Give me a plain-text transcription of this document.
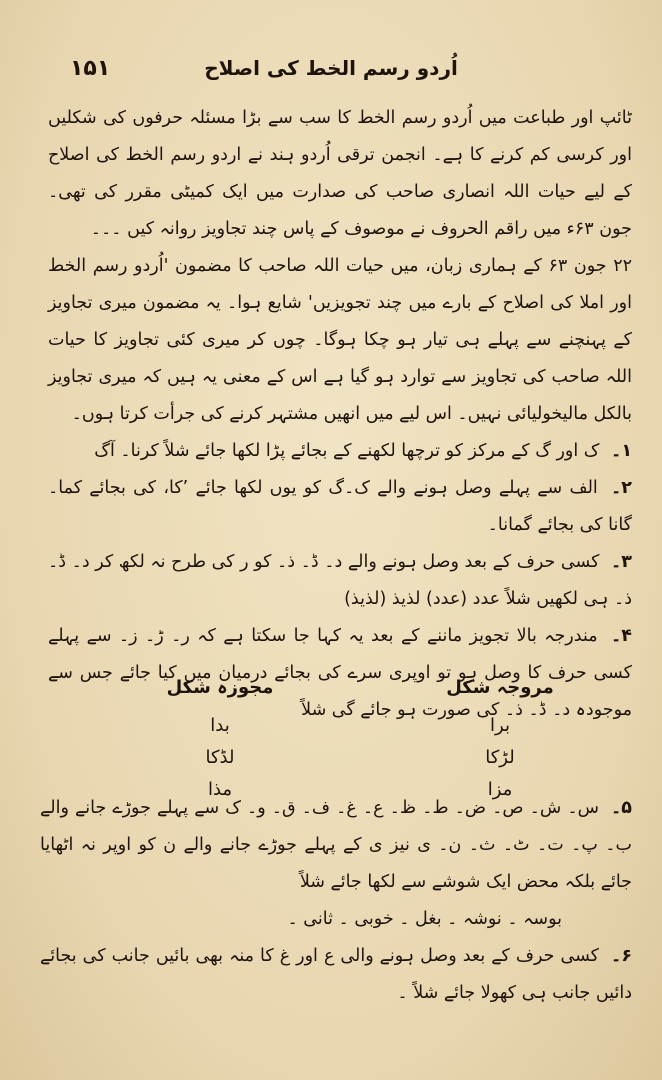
۱۵۱	اُردو رسم الخط کی اصلاح

ٹائپ اور طباعت میں اُردو رسم الخط کا سب سے بڑا مسئلہ حرفوں کی شکلیں اور کرسی کم کرنے کا ہے۔ انجمن ترقی اُردو ہند نے اردو رسم الخط کی اصلاح کے لیے حیات اللہ انصاری صاحب کی صدارت میں ایک کمیٹی مقرر کی تھی۔ جون ۶۳ء میں راقم الحروف نے موصوف کے پاس چند تجاویز روانہ کیں ۔۔۔

۲۲ جون ۶۳ کے ہماری زبان، میں حیات اللہ صاحب کا مضمون 'اُردو رسم الخط اور املا کی اصلاح کے بارے میں چند تجویزیں' شایع ہوا۔ یہ مضمون میری تجاویز کے پہنچنے سے پہلے ہی تیار ہو چکا ہوگا۔ چوں کر میری کئی تجاویز کا حیات اللہ صاحب کی تجاویز سے توارد ہو گیا ہے اس کے معنی یہ ہیں کہ میری تجاویز بالکل مالیخولیائی نہیں۔ اس لیے میں انھیں مشتہر کرنے کی جرأت کرتا ہوں۔

۱۔ ک اور گ کے مرکز کو ترچھا لکھنے کے بجائے پڑا لکھا جائے شلاً کرنا۔ آگ

۲۔ الف سے پہلے وصل ہونے والے ک۔گ کو یوں لکھا جائے ’کا، کی بجائے کما۔ گانا کی بجائے گمانا۔

۳۔ کسی حرف کے بعد وصل ہونے والے د۔ ڈ۔ ذ۔ کو ر کی طرح نہ لکھ کر د۔ ڈ۔ ذ۔ ہی لکھیں شلاً عدد (عدد) لذیذ (لذیذ)

۴۔ مندرجہ بالا تجویز ماننے کے بعد یہ کہا جا سکتا ہے کہ ر۔ ڑ۔ ز۔ سے پہلے کسی حرف کا وصل ہو تو اوپری سرے کی بجائے درمیان میں کیا جائے جس سے موجودہ د۔ ڈ۔ ذ۔ کی صورت ہو جائے گی شلاً

مروجہ شکل
برا
لڑکا
مزا
مجوزہ شکل
بدا
لڈکا
مذا

۵۔ س۔ ش۔ ص۔ ض۔ ط۔ ظ۔ ع۔ غ۔ ف۔ ق۔ و۔ ک سے پہلے جوڑے جانے والے ب۔ پ۔ ت۔ ٹ۔ ث۔ ن۔ ی نیز ی کے پہلے جوڑے جانے والے ن کو اوپر نہ اٹھایا جائے بلکہ محض ایک شوشے سے لکھا جائے شلاً

بوسہ ۔ نوشہ ۔ بغل ۔ خوبی ۔ ثانی ۔

۶۔ کسی حرف کے بعد وصل ہونے والی ع اور غ کا منہ بھی بائیں جانب کی بجائے دائیں جانب ہی کھولا جائے شلاً ۔
